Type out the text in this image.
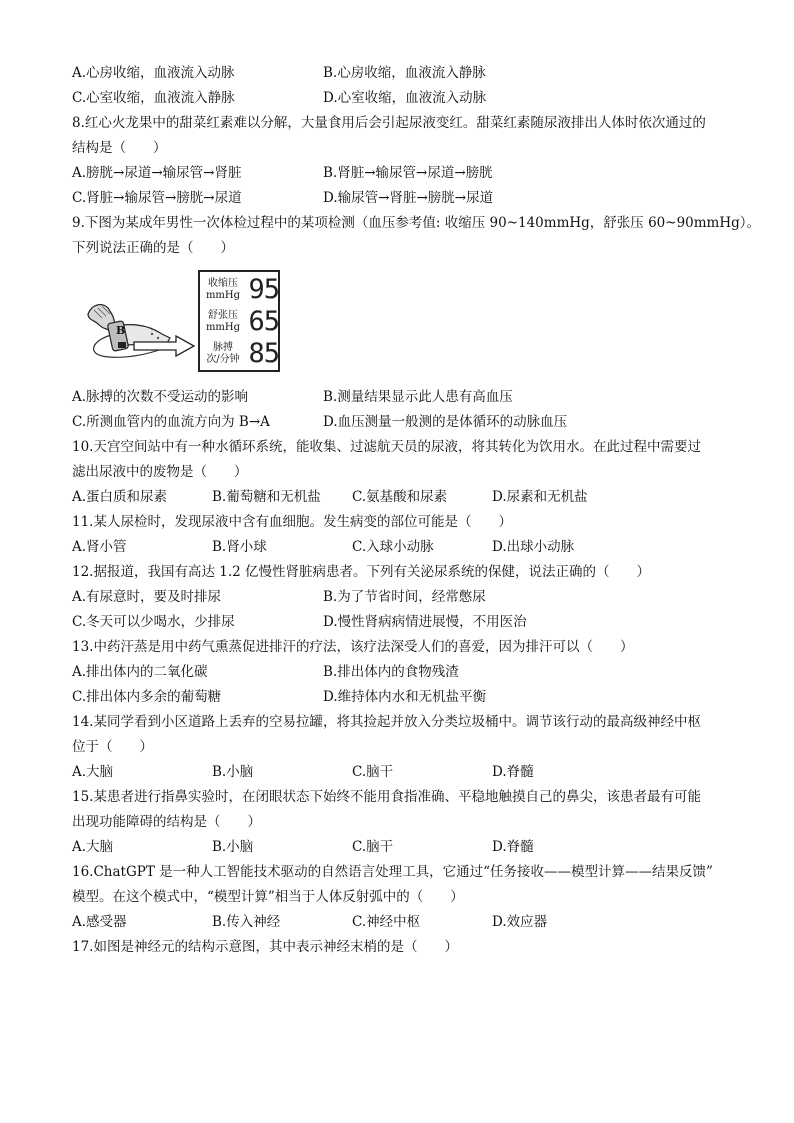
A.心房收缩，血液流入动脉	B.心房收缩，血液流入静脉
C.心室收缩，血液流入静脉	D.心室收缩，血液流入动脉
8.红心火龙果中的甜菜红素难以分解，大量食用后会引起尿液变红。甜菜红素随尿液排出人体时依次通过的
结构是（　　）
A.膀胱→尿道→输尿管→肾脏	B.肾脏→输尿管→尿道→膀胱
C.肾脏→输尿管→膀胱→尿道	D.输尿管→肾脏→膀胱→尿道
9.下图为某成年男性一次体检过程中的某项检测（血压参考值: 收缩压 90~140mmHg，舒张压 60~90mmHg）。
下列说法正确的是（　　）
B
收缩压
mmHg 95
舒张压
mmHg 65
脉搏
次/分钟 85
A.脉搏的次数不受运动的影响	B.测量结果显示此人患有高血压
C.所测血管内的血流方向为 B→A	D.血压测量一般测的是体循环的动脉血压
10.天宫空间站中有一种水循环系统，能收集、过滤航天员的尿液，将其转化为饮用水。在此过程中需要过
滤出尿液中的废物是（　　）
A.蛋白质和尿素	B.葡萄糖和无机盐 C.氨基酸和尿素	D.尿素和无机盐
11.某人尿检时，发现尿液中含有血细胞。发生病变的部位可能是（　　）
A.肾小管	B.肾小球	C.入球小动脉	D.出球小动脉
12.据报道，我国有高达 1.2 亿慢性肾脏病患者。下列有关泌尿系统的保健，说法正确的（　　）
A.有尿意时，要及时排尿	B.为了节省时间，经常憋尿
C.冬天可以少喝水，少排尿	D.慢性肾病病情进展慢，不用医治
13.中药汗蒸是用中药气熏蒸促进排汗的疗法，该疗法深受人们的喜爱，因为排汗可以（　　）
A.排出体内的二氧化碳	B.排出体内的食物残渣
C.排出体内多余的葡萄糖	D.维持体内水和无机盐平衡
14.某同学看到小区道路上丢弃的空易拉罐，将其捡起并放入分类垃圾桶中。调节该行动的最高级神经中枢
位于（　　）
A.大脑	B.小脑	C.脑干	D.脊髓
15.某患者进行指鼻实验时，在闭眼状态下始终不能用食指准确、平稳地触摸自己的鼻尖，该患者最有可能
出现功能障碍的结构是（　　）
A.大脑	B.小脑	C.脑干	D.脊髓
16.ChatGPT 是一种人工智能技术驱动的自然语言处理工具，它通过“任务接收——模型计算——结果反馈”
模型。在这个模式中，“模型计算”相当于人体反射弧中的（　　）
A.感受器	B.传入神经	C.神经中枢	D.效应器
17.如图是神经元的结构示意图，其中表示神经末梢的是（　　）
